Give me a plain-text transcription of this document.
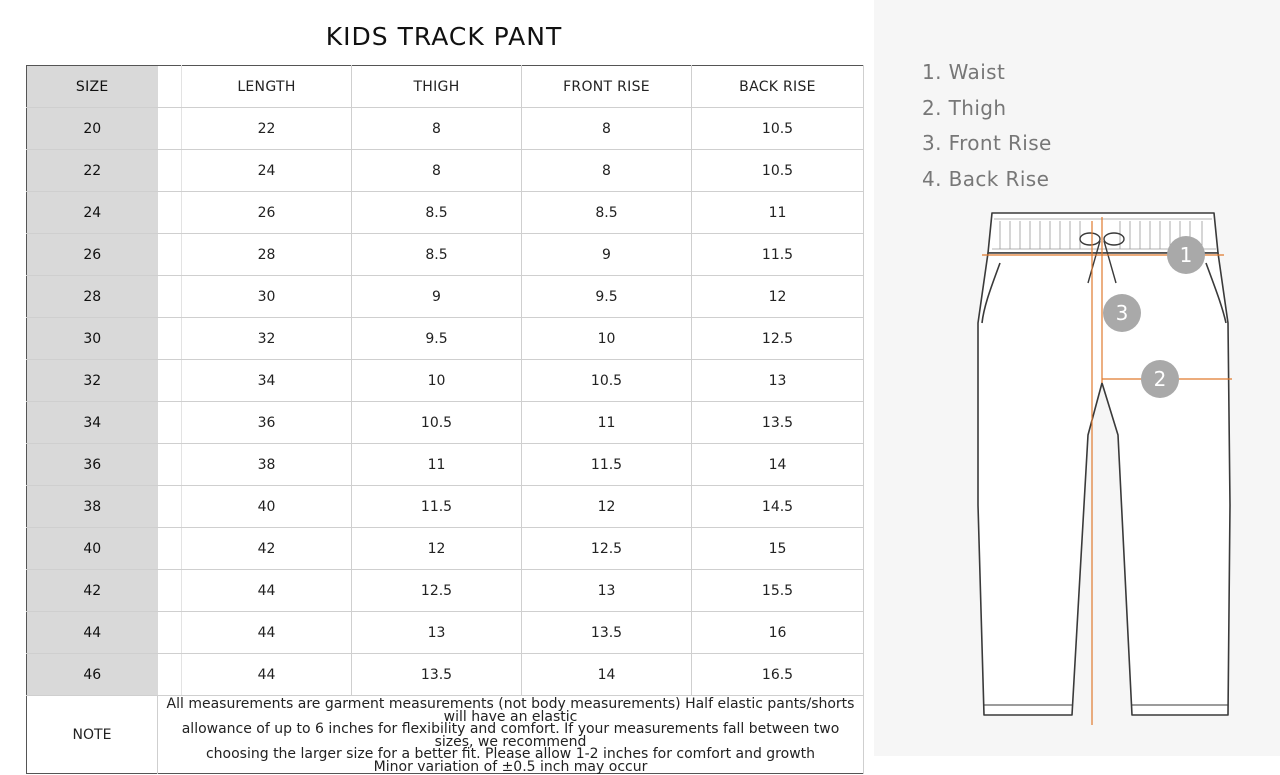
KIDS TRACK PANT
SIZE		LENGTH	THIGH	FRONT RISE	BACK RISE
20		22	8	8	10.5
22		24	8	8	10.5
24		26	8.5	8.5	11
26		28	8.5	9	11.5
28		30	9	9.5	12
30		32	9.5	10	12.5
32		34	10	10.5	13
34		36	10.5	11	13.5
36		38	11	11.5	14
38		40	11.5	12	14.5
40		42	12	12.5	15
42		44	12.5	13	15.5
44		44	13	13.5	16
46		44	13.5	14	16.5
NOTE	All measurements are garment measurements (not body measurements) Half elastic pants/shorts will have an elastic
allowance of up to 6 inches for flexibility and comfort. If your measurements fall between two sizes, we recommend
choosing the larger size for a better fit. Please allow 1-2 inches for comfort and growth
Minor variation of ±0.5 inch may occur				
1. Waist
2. Thigh
3. Front Rise
4. Back Rise
1
2
3
